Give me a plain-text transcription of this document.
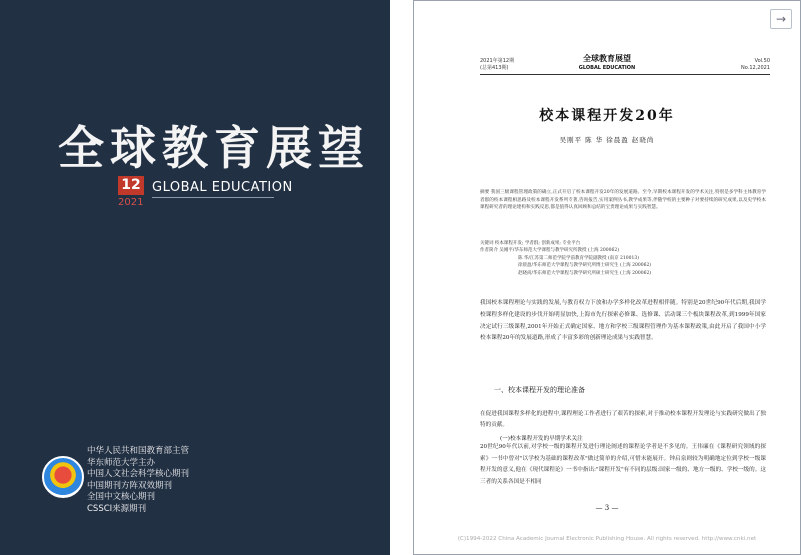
全球教育展望
12 GLOBAL EDUCATION
2021
中华人民共和国教育部主管
华东师范大学主办
中国人文社会科学核心期刊
中国期刊方阵双效期刊
全国中文核心期刊
CSSCI来源期刊
→
2021年第12期
(总第413期)
全球教育展望
GLOBAL EDUCATION
Vol.50
No.12,2021
校本课程开发20年
吴刚平 陈 华 徐晨盈 赵晓尚
摘要 我国三级课程管理政策的确立,正式开启了校本课程开发20年的发展道路。至今,早期校本课程开发的学术关注,特别是多学科主体教育学者群的校本课程相思路及校本课程开发系列专著,咨询报告,实用案例丛书,教学成果等,伴随学校的主要种子对要持续的研究成果,以及史学校本课程研究者的理论建构和实践反思,都是值得认真回顾和总结的宝贵理论成果与实践智慧。
关键词 校本课程开发; 学者群; 创新成果; 专业平台
作者简介 吴刚平/华东师范大学课程与教学研究所教授 (上海 200062)
陈 华/江苏第二师范学院学前教育学院副教授 (南京 210013)
徐晨盈/华东师范大学课程与教学研究所博士研究生 (上海 200062)
赵晓尚/华东师范大学课程与教学研究所硕士研究生 (上海 200062)
我国校本课程理论与实践的发展,与教育权力下放和办学多样化改革进程相伴随。特别是20世纪90年代后期,我国学校课程多样化建设的步伐开始明显加快,上海市先行探索必修课、选修课、活动课三个板块课程改革,到1999年国家决定试行三级课程,2001年开始正式确定国家、地方和学校三级课程管理作为基本课程政策,由此开启了我国中小学校本课程20年的发展道路,形成了丰富多彩的创新理论成果与实践智慧。
一、校本课程开发的理论准备
在促进我国课程多样化的进程中,课程理论工作者进行了艰苦的探索,对于推动校本课程开发理论与实践研究做出了独特的贡献。
(一)校本课程开发的早期学术关注
20世纪90年代以前,对学校一级的课程开发进行理论阐述的课程论学者是不多见的。王伟廉在《课程研究领域的探索》一书中曾对"以学校为基础的课程改革"做过简单的介绍,可惜未能展开。钟启泉则较为明确地定位到学校一级课程开发的意义,他在《现代课程论》一书中指出:"课程开发"有不同的层级:国家一级的、地方一级的、学校一级的。这三者的关系各国是不相同
— 3 —
(C)1994-2022 China Academic Journal Electronic Publishing House. All rights reserved. http://www.cnki.net
